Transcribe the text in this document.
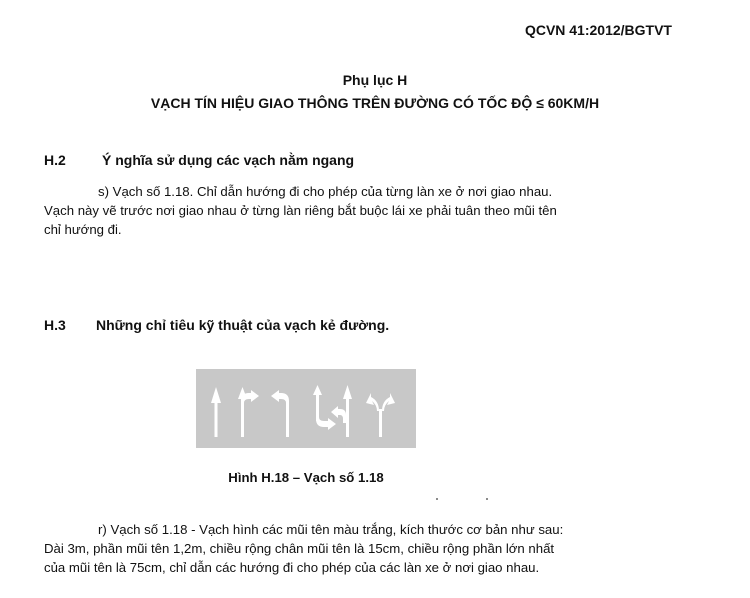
QCVN 41:2012/BGTVT
Phụ lục H
VẠCH TÍN HIỆU GIAO THÔNG TRÊN ĐƯỜNG CÓ TỐC ĐỘ ≤ 60KM/H
H.2	Ý nghĩa sử dụng các vạch nằm ngang
s) Vạch số 1.18. Chỉ dẫn hướng đi cho phép của từng làn xe ở nơi giao nhau.
Vạch này vẽ trước nơi giao nhau ở từng làn riêng bắt buộc lái xe phải tuân theo mũi tên
chỉ hướng đi.
H.3 Những chỉ tiêu kỹ thuật của vạch kẻ đường.
Hình H.18 – Vạch số 1.18
r) Vạch số 1.18 - Vạch hình các mũi tên màu trắng, kích thước cơ bản như sau:
Dài 3m, phần mũi tên 1,2m, chiều rộng chân mũi tên là 15cm, chiều rộng phần lớn nhất
của mũi tên là 75cm, chỉ dẫn các hướng đi cho phép của các làn xe ở nơi giao nhau.
